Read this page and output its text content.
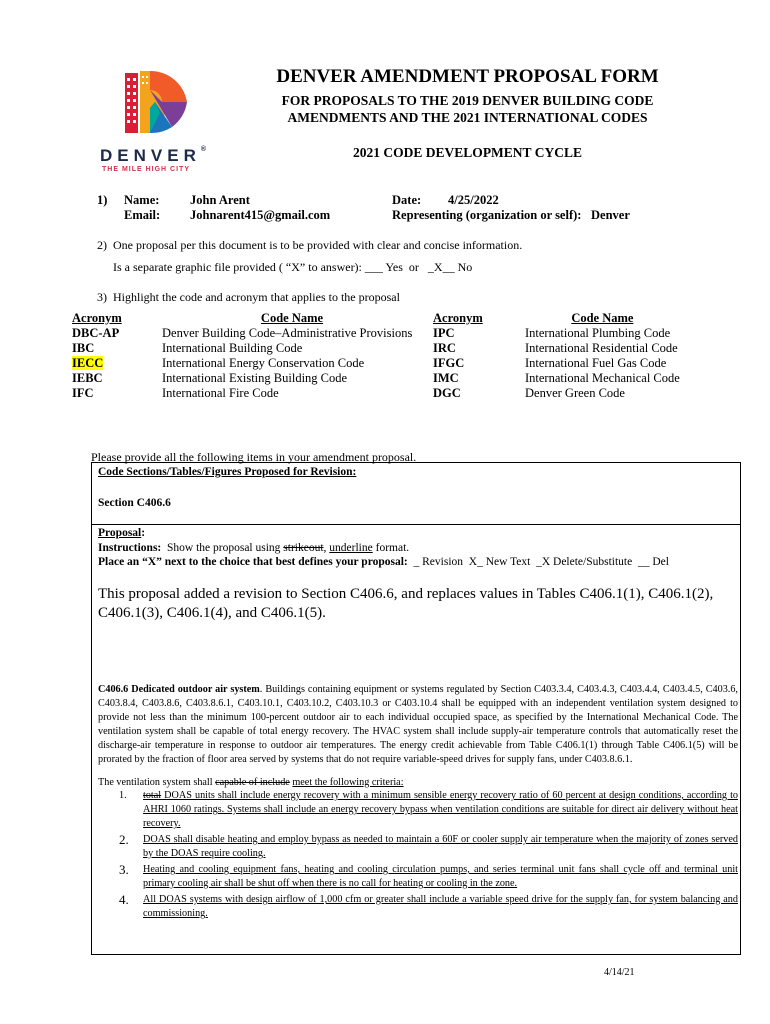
DENVER®
THE MILE HIGH CITY
DENVER AMENDMENT PROPOSAL FORM
FOR PROPOSALS TO THE 2019 DENVER BUILDING CODE
AMENDMENTS AND THE 2021 INTERNATIONAL CODES
2021 CODE DEVELOPMENT CYCLE
1) Name: John Arent
Email: Johnarent415@gmail.com
Date: 4/25/2022
Representing (organization or self): Denver
2) One proposal per this document is to be provided with clear and concise information.
Is a separate graphic file provided ( “X” to answer): ___ Yes  or   _X__ No
3) Highlight the code and acronym that applies to the proposal
Acronym	Code Name
DBC-AP	Denver Building Code–Administrative Provisions
IBC	International Building Code
IECC	International Energy Conservation Code
IEBC	International Existing Building Code
IFC	International Fire Code
Acronym	Code Name
IPC	International Plumbing Code
IRC	International Residential Code
IFGC	International Fuel Gas Code
IMC	International Mechanical Code
DGC	Denver Green Code
Please provide all the following items in your amendment proposal.
Code Sections/Tables/Figures Proposed for Revision:
Section C406.6
Proposal:
Instructions: Show the proposal using strikeout, underline format.
Place an “X” next to the choice that best defines your proposal: _ Revision  X_ New Text  _X Delete/Substitute  __ Del
This proposal added a revision to Section C406.6, and replaces values in Tables C406.1(1), C406.1(2), C406.1(3), C406.1(4), and C406.1(5).
C406.6 Dedicated outdoor air system. Buildings containing equipment or systems regulated by Section C403.3.4, C403.4.3, C403.4.4, C403.4.5, C403.6, C403.8.4, C403.8.6, C403.8.6.1, C403.10.1, C403.10.2, C403.10.3 or C403.10.4 shall be equipped with an independent ventilation system designed to provide not less than the minimum 100-percent outdoor air to each individual occupied space, as specified by the International Mechanical Code. The ventilation system shall be capable of total energy recovery. The HVAC system shall include supply-air temperature controls that automatically reset the discharge-air temperature in response to outdoor air temperatures. The energy credit achievable from Table C406.1(1) through Table C406.1(5) will be prorated by the fraction of floor area served by systems that do not require variable-speed drives for supply fans, under C403.8.6.1.
The ventilation system shall capable of include meet the following criteria:
1. total DOAS units shall include energy recovery with a minimum sensible energy recovery ratio of 60 percent at design conditions, according to AHRI 1060 ratings. Systems shall include an energy recovery bypass when ventilation conditions are suitable for direct air delivery without heat recovery.
2. DOAS shall disable heating and employ bypass as needed to maintain a 60F or cooler supply air temperature when the majority of zones served by the DOAS require cooling.
3. Heating and cooling equipment fans, heating and cooling circulation pumps, and series terminal unit fans shall cycle off and terminal unit primary cooling air shall be shut off when there is no call for heating or cooling in the zone.
4. All DOAS systems with design airflow of 1,000 cfm or greater shall include a variable speed drive for the supply fan, for system balancing and commissioning.
4/14/21
